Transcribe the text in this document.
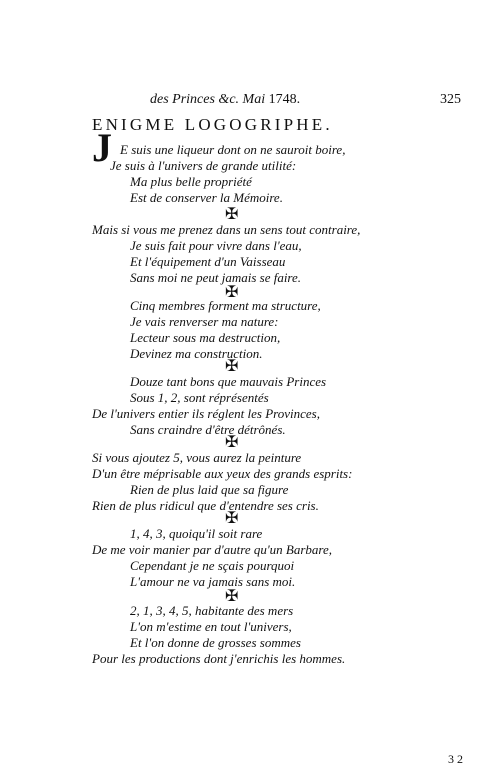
des Princes &c. Mai 1748.	325
ENIGME LOGOGRIPHE.
J E suis une liqueur dont on ne sauroit boire,
Je suis à l'univers de grande utilité:
Ma plus belle propriété
Est de conserver la Mémoire.
✠
Mais si vous me prenez dans un sens tout contraire,
Je suis fait pour vivre dans l'eau,
Et l'équipement d'un Vaisseau
Sans moi ne peut jamais se faire.
✠
Cinq membres forment ma structure,
Je vais renverser ma nature:
Lecteur sous ma destruction,
Devinez ma construction.
✠
Douze tant bons que mauvais Princes
Sous 1, 2, sont réprésentés
De l'univers entier ils réglent les Provinces,
Sans craindre d'être détrônés.
✠
Si vous ajoutez 5, vous aurez la peinture
D'un être méprisable aux yeux des grands esprits:
Rien de plus laid que sa figure
Rien de plus ridicul que d'entendre ses cris.
✠
1, 4, 3, quoiqu'il soit rare
De me voir manier par d'autre qu'un Barbare,
Cependant je ne sçais pourquoi
L'amour ne va jamais sans moi.
✠
2, 1, 3, 4, 5, habitante des mers
L'on m'estime en tout l'univers,
Et l'on donne de grosses sommes
Pour les productions dont j'enrichis les hommes.
3 2
